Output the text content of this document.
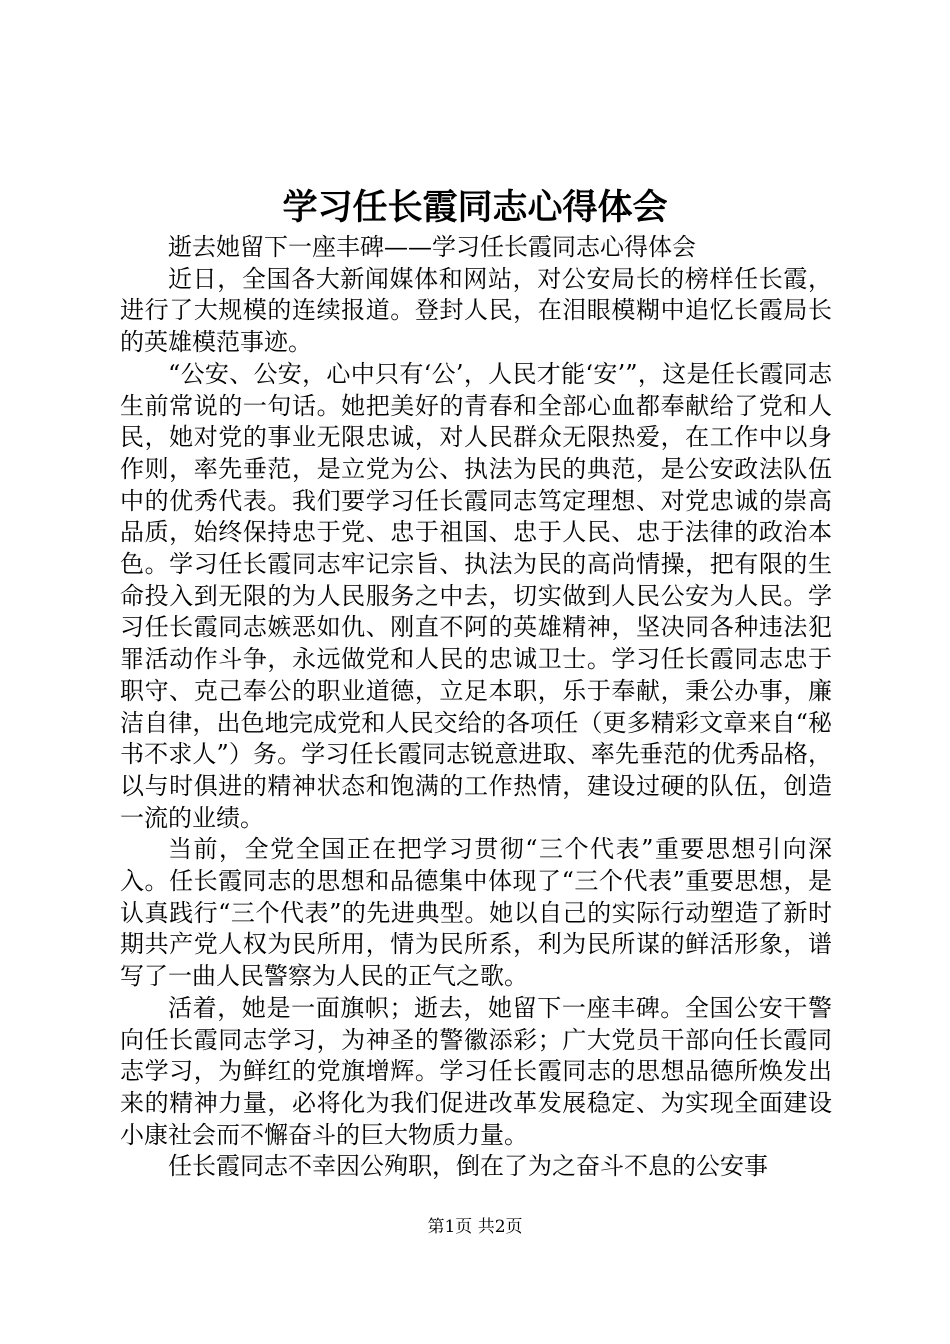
学习任长霞同志心得体会

逝去她留下一座丰碑——学习任长霞同志心得体会

近日，全国各大新闻媒体和网站，对公安局长的榜样任长霞，进行了大规模的连续报道。登封人民，在泪眼模糊中追忆长霞局长的英雄模范事迹。

“公安、公安，心中只有‘公’，人民才能‘安’”，这是任长霞同志生前常说的一句话。她把美好的青春和全部心血都奉献给了党和人民，她对党的事业无限忠诚，对人民群众无限热爱，在工作中以身作则，率先垂范，是立党为公、执法为民的典范，是公安政法队伍中的优秀代表。我们要学习任长霞同志笃定理想、对党忠诚的崇高品质，始终保持忠于党、忠于祖国、忠于人民、忠于法律的政治本色。学习任长霞同志牢记宗旨、执法为民的高尚情操，把有限的生命投入到无限的为人民服务之中去，切实做到人民公安为人民。学习任长霞同志嫉恶如仇、刚直不阿的英雄精神，坚决同各种违法犯罪活动作斗争，永远做党和人民的忠诚卫士。学习任长霞同志忠于职守、克己奉公的职业道德，立足本职，乐于奉献，秉公办事，廉洁自律，出色地完成党和人民交给的各项任（更多精彩文章来自“秘书不求人”）务。学习任长霞同志锐意进取、率先垂范的优秀品格，以与时俱进的精神状态和饱满的工作热情，建设过硬的队伍，创造一流的业绩。

当前，全党全国正在把学习贯彻“三个代表”重要思想引向深入。任长霞同志的思想和品德集中体现了“三个代表”重要思想，是认真践行“三个代表”的先进典型。她以自己的实际行动塑造了新时期共产党人权为民所用，情为民所系，利为民所谋的鲜活形象，谱写了一曲人民警察为人民的正气之歌。

活着，她是一面旗帜；逝去，她留下一座丰碑。全国公安干警向任长霞同志学习，为神圣的警徽添彩；广大党员干部向任长霞同志学习，为鲜红的党旗增辉。学习任长霞同志的思想品德所焕发出来的精神力量，必将化为我们促进改革发展稳定、为实现全面建设小康社会而不懈奋斗的巨大物质力量。

任长霞同志不幸因公殉职，倒在了为之奋斗不息的公安事

第1页 共2页
